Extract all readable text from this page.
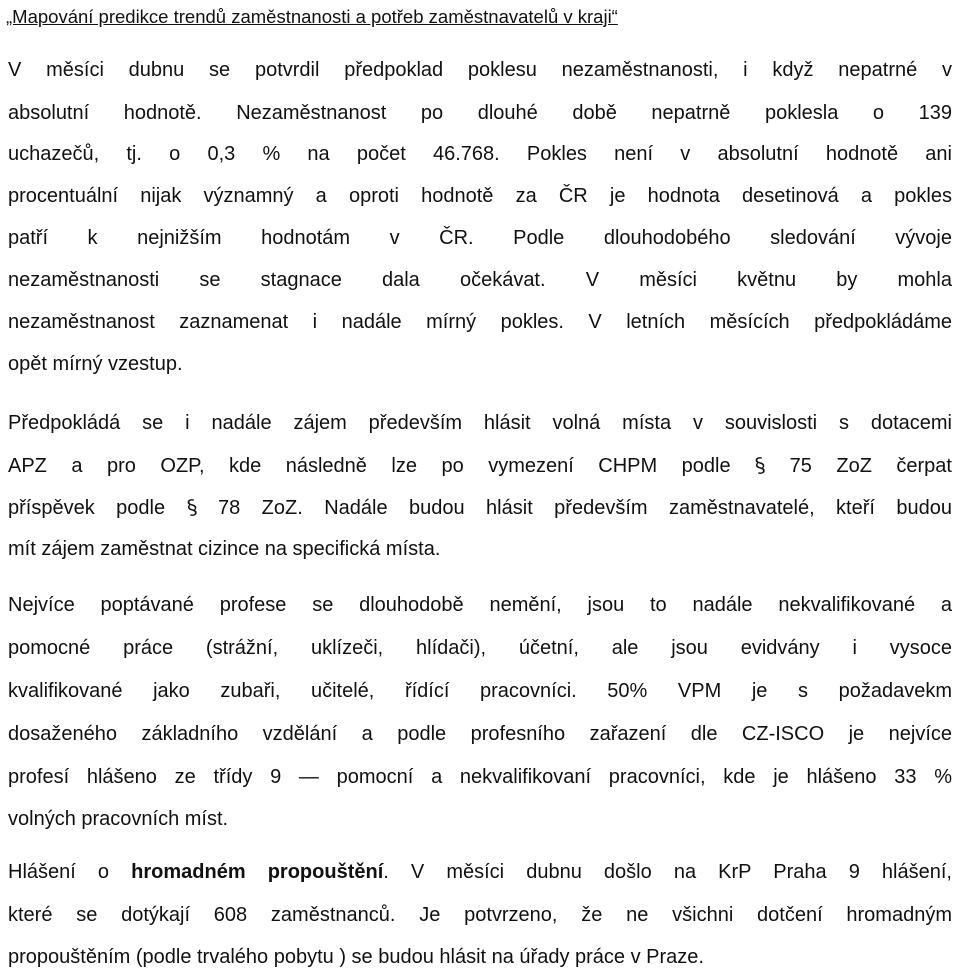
„Mapování predikce trendů zaměstnanosti a potřeb zaměstnavatelů v kraji“
V měsíci dubnu se potvrdil předpoklad poklesu nezaměstnanosti, i když nepatrné v
absolutní hodnotě. Nezaměstnanost po dlouhé době nepatrně poklesla o 139
uchazečů, tj. o 0,3 % na počet 46.768. Pokles není v absolutní hodnotě ani
procentuální nijak významný a oproti hodnotě za ČR je hodnota desetinová a pokles
patří k nejnižším hodnotám v ČR. Podle dlouhodobého sledování vývoje
nezaměstnanosti se stagnace dala očekávat. V měsíci květnu by mohla
nezaměstnanost zaznamenat i nadále mírný pokles. V letních měsících předpokládáme
opět mírný vzestup.
Předpokládá se i nadále zájem především hlásit volná místa v souvislosti s dotacemi
APZ a pro OZP, kde následně lze po vymezení CHPM podle § 75 ZoZ čerpat
příspěvek podle § 78 ZoZ. Nadále budou hlásit především zaměstnavatelé, kteří budou
mít zájem zaměstnat cizince na specifická místa.
Nejvíce poptávané profese se dlouhodobě nemění, jsou to nadále nekvalifikované a
pomocné práce (strážní, uklízeči, hlídači), účetní, ale jsou evidvány i vysoce
kvalifikované jako zubaři, učitelé, řídící pracovníci. 50% VPM je s požadavekm
dosaženého základního vzdělání a podle profesního zařazení dle CZ-ISCO je nejvíce
profesí hlášeno ze třídy 9 — pomocní a nekvalifikovaní pracovníci, kde je hlášeno 33 %
volných pracovních míst.
Hlášení o hromadném propouštění. V měsíci dubnu došlo na KrP Praha 9 hlášení,
které se dotýkají 608 zaměstnanců. Je potvrzeno, že ne všichni dotčení hromadným
propouštěním (podle trvalého pobytu ) se budou hlásit na úřady práce v Praze.
